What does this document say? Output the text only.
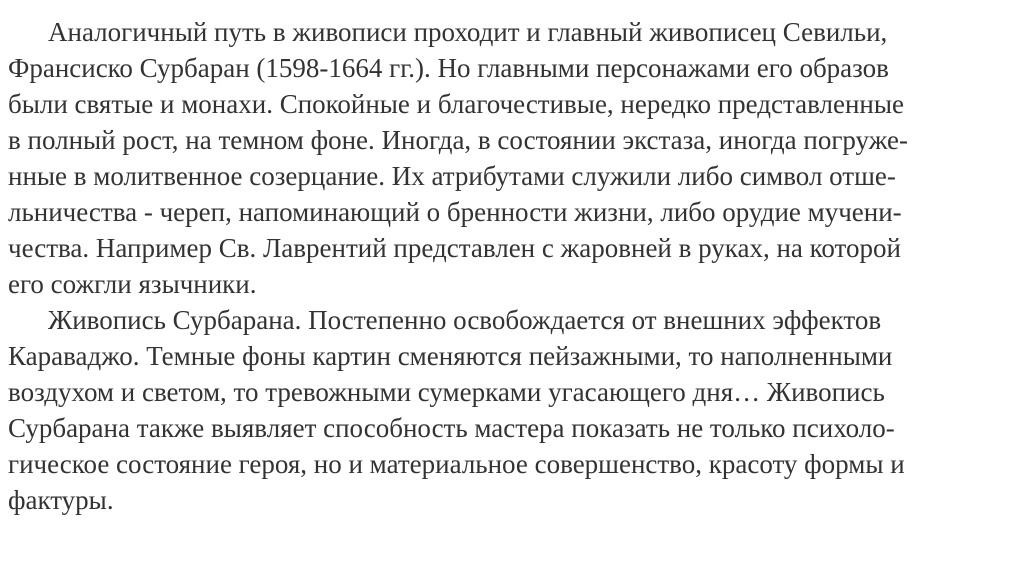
Аналогичный путь в живописи проходит и главный живописец Севильи,
Франсиско Сурбаран (1598-1664 гг.). Но главными персонажами его образов
были святые и монахи. Спокойные и благочестивые, нередко представленные
в полный рост, на темном фоне. Иногда, в состоянии экстаза, иногда погруже-
нные в молитвенное созерцание. Их атрибутами служили либо символ отше-
льничества - череп, напоминающий о бренности жизни, либо орудие мучени-
чества. Например Св. Лаврентий представлен с жаровней в руках, на которой
его сожгли язычники.
Живопись Сурбарана. Постепенно освобождается от внешних эффектов
Караваджо. Темные фоны картин сменяются пейзажными, то наполненными
воздухом и светом, то тревожными сумерками угасающего дня… Живопись
Сурбарана также выявляет способность мастера показать не только психоло-
гическое состояние героя, но и материальное совершенство, красоту формы и
фактуры.
